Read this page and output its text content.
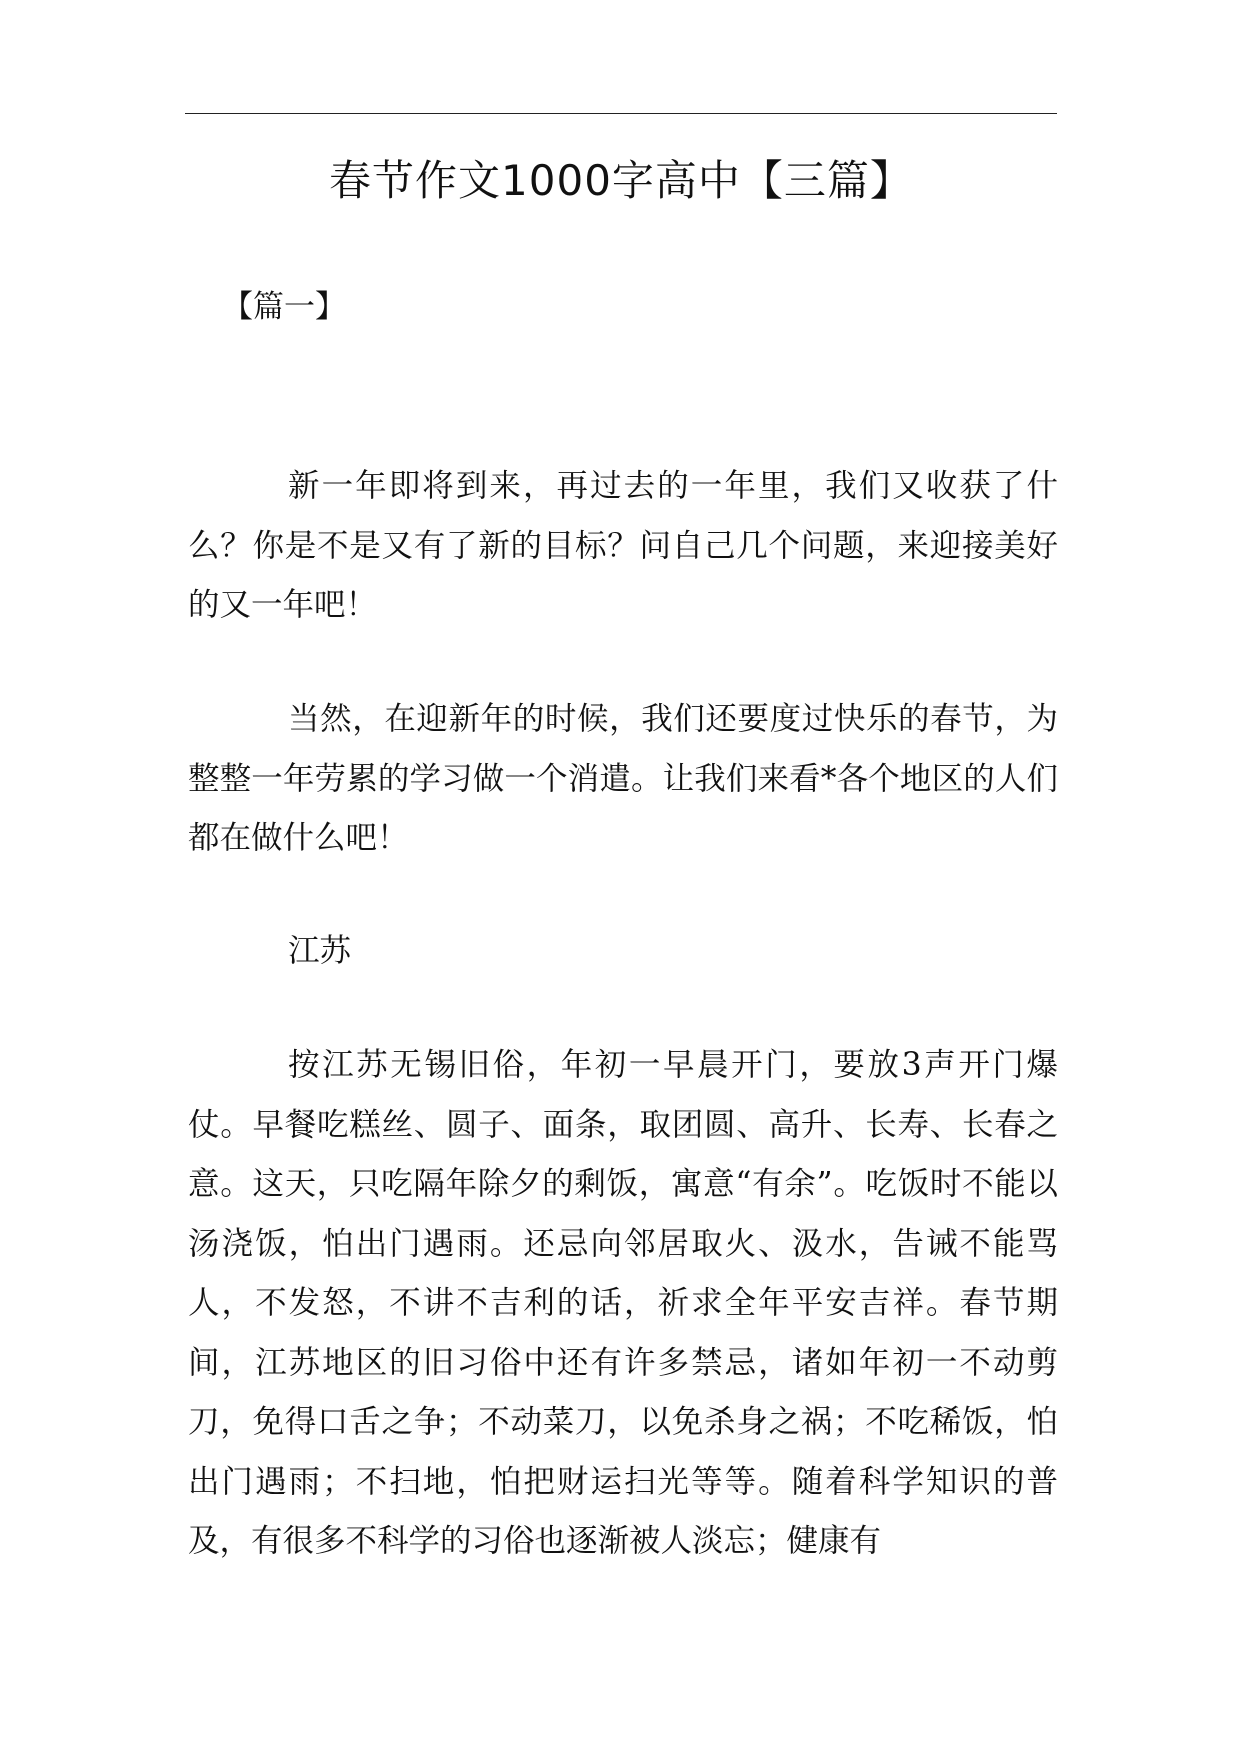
春节作文1000字高中【三篇】
【篇一】

新一年即将到来，再过去的一年里，我们又收获了什么？你是不是又有了新的目标？问自己几个问题，来迎接美好的又一年吧！

当然，在迎新年的时候，我们还要度过快乐的春节，为整整一年劳累的学习做一个消遣。让我们来看*各个地区的人们都在做什么吧！

江苏

按江苏无锡旧俗，年初一早晨开门，要放3声开门爆仗。早餐吃糕丝、圆子、面条，取团圆、高升、长寿、长春之意。这天，只吃隔年除夕的剩饭，寓意“有余”。吃饭时不能以汤浇饭，怕出门遇雨。还忌向邻居取火、汲水，告诫不能骂人，不发怒，不讲不吉利的话，祈求全年平安吉祥。春节期间，江苏地区的旧习俗中还有许多禁忌，诸如年初一不动剪刀，免得口舌之争；不动菜刀，以免杀身之祸；不吃稀饭，怕出门遇雨；不扫地，怕把财运扫光等等。随着科学知识的普及，有很多不科学的习俗也逐渐被人淡忘；健康有
